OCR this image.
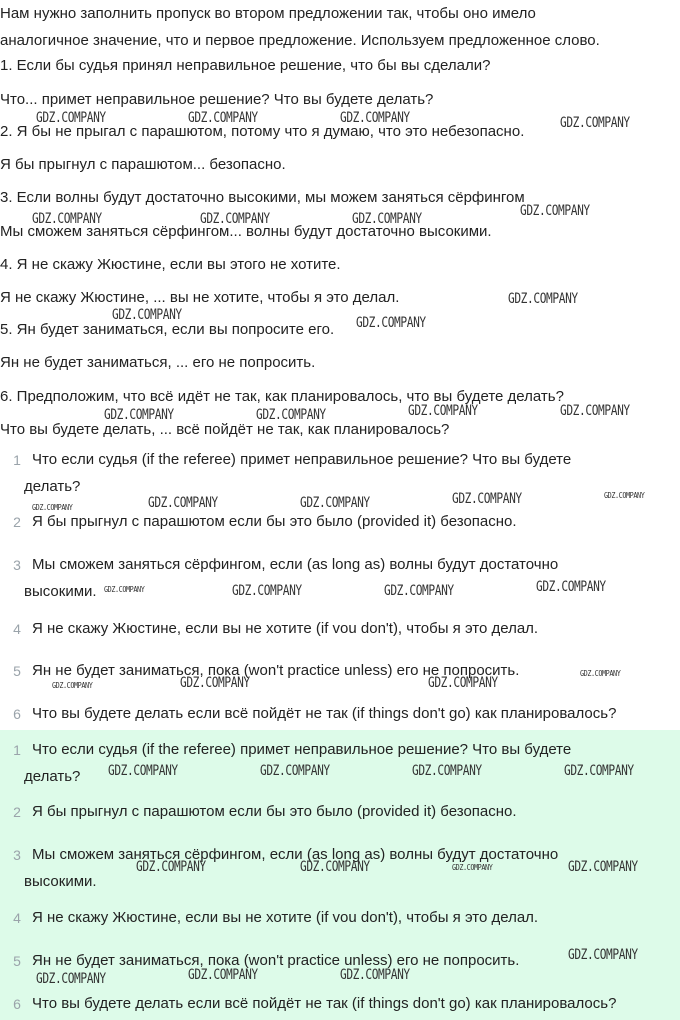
Нам нужно заполнить пропуск во втором предложении так, чтобы оно имело
аналогичное значение, что и первое предложение. Используем предложенное слово.
1. Если бы судья принял неправильное решение, что бы вы сделали?
Что... примет неправильное решение? Что вы будете делать?
2. Я бы не прыгал с парашютом, потому что я думаю, что это небезопасно.
Я бы прыгнул с парашютом... безопасно.
3. Если волны будут достаточно высокими, мы можем заняться сёрфингом
Мы сможем заняться сёрфингом... волны будут достаточно высокими.
4. Я не скажу Жюстине, если вы этого не хотите.
Я не скажу Жюстине, ... вы не хотите, чтобы я это делал.
5. Ян будет заниматься, если вы попросите его.
Ян не будет заниматься, ... его не попросить.
6. Предположим, что всё идёт не так, как планировалось, что вы будете делать?
Что вы будете делать, ... всё пойдёт не так, как планировалось?
1 Что если судья (if the referee) примет неправильное решение? Что вы будете
делать?
2 Я бы прыгнул с парашютом если бы это было (provided it) безопасно.
3 Мы сможем заняться сёрфингом, если (as long as) волны будут достаточно
высокими.
4 Я не скажу Жюстине, если вы не хотите (if vou don't), чтобы я это делал.
5 Ян не будет заниматься, пока (won't practice unless) его не попросить.
6 Что вы будете делать если всё пойдёт не так (if things don't go) как планировалось?
1 Что если судья (if the referee) примет неправильное решение? Что вы будете
делать?
2 Я бы прыгнул с парашютом если бы это было (provided it) безопасно.
3 Мы сможем заняться сёрфингом, если (as long as) волны будут достаточно
высокими.
4 Я не скажу Жюстине, если вы не хотите (if vou don't), чтобы я это делал.
5 Ян не будет заниматься, пока (won't practice unless) его не попросить.
6 Что вы будете делать если всё пойдёт не так (if things don't go) как планировалось?
GDZ.COMPANY	GDZ.COMPANY	GDZ.COMPANY	GDZ.COMPANY
GDZ.COMPANY
GDZ.COMPANY	GDZ.COMPANY	GDZ.COMPANY
GDZ.COMPANY
GDZ.COMPANY	GDZ.COMPANY
GDZ.COMPANY	GDZ.COMPANY
GDZ.COMPANY	GDZ.COMPANY
GDZ.COMPANY	GDZ.COMPANY
GDZ.COMPANY	GDZ.COMPANY
GDZ.COMPANY
GDZ.COMPANY	GDZ.COMPANY	GDZ.COMPANY	GDZ.COMPANY
GDZ.COMPANY
GDZ.COMPANY	GDZ.COMPANY	GDZ.COMPANY
GDZ.COMPANY	GDZ.COMPANY	GDZ.COMPANY	GDZ.COMPANY
GDZ.COMPANY	GDZ.COMPANY	GDZ.COMPANY	GDZ.COMPANY
GDZ.COMPANY
GDZ.COMPANY	GDZ.COMPANY
GDZ.COMPANY
